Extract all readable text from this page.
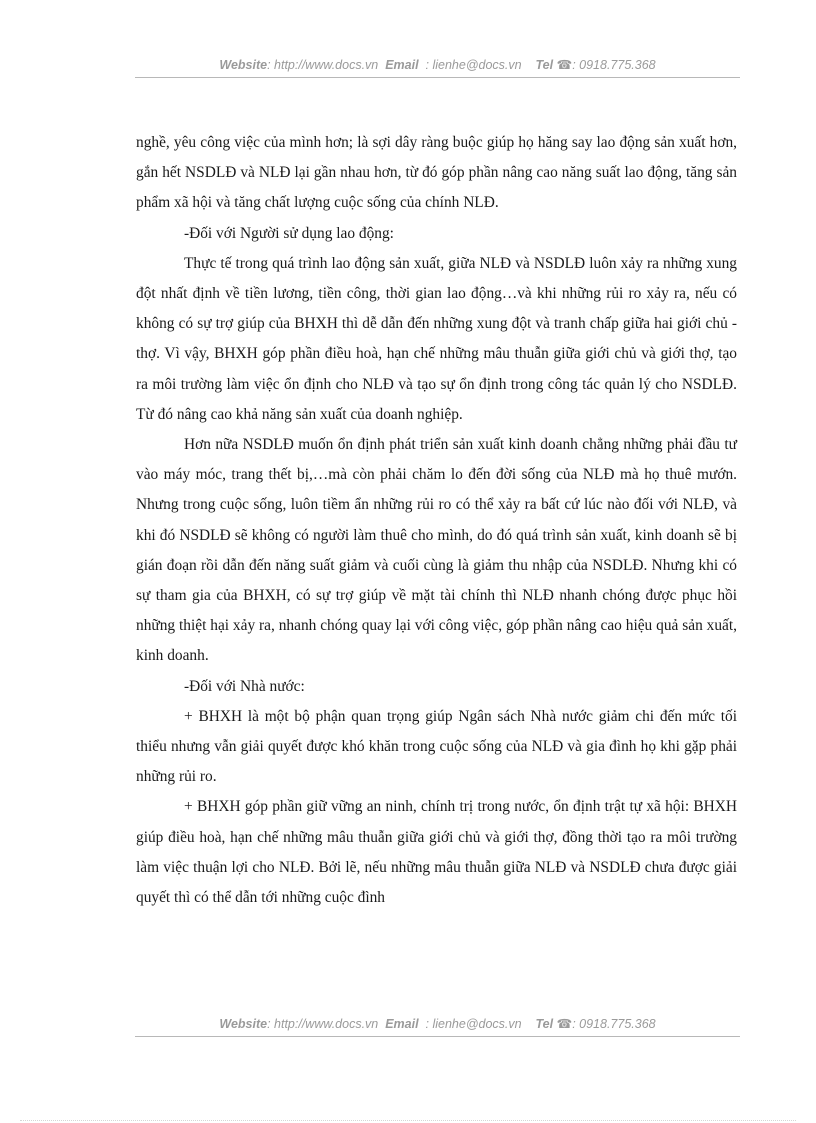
Website: http://www.docs.vn Email : lienhe@docs.vn Tel ☎: 0918.775.368

nghề, yêu công việc của mình hơn; là sợi dây ràng buộc giúp họ hăng say lao động sản xuất hơn, gắn hết NSDLĐ và NLĐ lại gần nhau hơn, từ đó góp phần nâng cao năng suất lao động, tăng sản phẩm xã hội và tăng chất lượng cuộc sống của chính NLĐ.

-Đối với Người sử dụng lao động:

Thực tế trong quá trình lao động sản xuất, giữa NLĐ và NSDLĐ luôn xảy ra những xung đột nhất định về tiền lương, tiền công, thời gian lao động…và khi những rủi ro xảy ra, nếu có không có sự trợ giúp của BHXH thì dễ dẫn đến những xung đột và tranh chấp giữa hai giới chủ - thợ. Vì vậy, BHXH góp phần điều hoà, hạn chế những mâu thuẫn giữa giới chủ và giới thợ, tạo ra môi trường làm việc ổn định cho NLĐ và tạo sự ổn định trong công tác quản lý cho NSDLĐ. Từ đó nâng cao khả năng sản xuất của doanh nghiệp.

Hơn nữa NSDLĐ muốn ổn định phát triển sản xuất kinh doanh chẳng những phải đầu tư vào máy móc, trang thết bị,…mà còn phải chăm lo đến đời sống của NLĐ mà họ thuê mướn. Nhưng trong cuộc sống, luôn tiềm ẩn những rủi ro có thể xảy ra bất cứ lúc nào đối với NLĐ, và khi đó NSDLĐ sẽ không có người làm thuê cho mình, do đó quá trình sản xuất, kinh doanh sẽ bị gián đoạn rồi dẫn đến năng suất giảm và cuối cùng là giảm thu nhập của NSDLĐ. Nhưng khi có sự tham gia của BHXH, có sự trợ giúp về mặt tài chính thì NLĐ nhanh chóng được phục hồi những thiệt hại xảy ra, nhanh chóng quay lại với công việc, góp phần nâng cao hiệu quả sản xuất, kinh doanh.

-Đối với Nhà nước:

+ BHXH là một bộ phận quan trọng giúp Ngân sách Nhà nước giảm chi đến mức tối thiểu nhưng vẫn giải quyết được khó khăn trong cuộc sống của NLĐ và gia đình họ khi gặp phải những rủi ro.

+ BHXH góp phần giữ vững an ninh, chính trị trong nước, ổn định trật tự xã hội: BHXH giúp điều hoà, hạn chế những mâu thuẫn giữa giới chủ và giới thợ, đồng thời tạo ra môi trường làm việc thuận lợi cho NLĐ. Bởi lẽ, nếu những mâu thuẫn giữa NLĐ và NSDLĐ chưa được giải quyết thì có thể dẫn tới những cuộc đình

Website: http://www.docs.vn Email : lienhe@docs.vn Tel ☎: 0918.775.368
